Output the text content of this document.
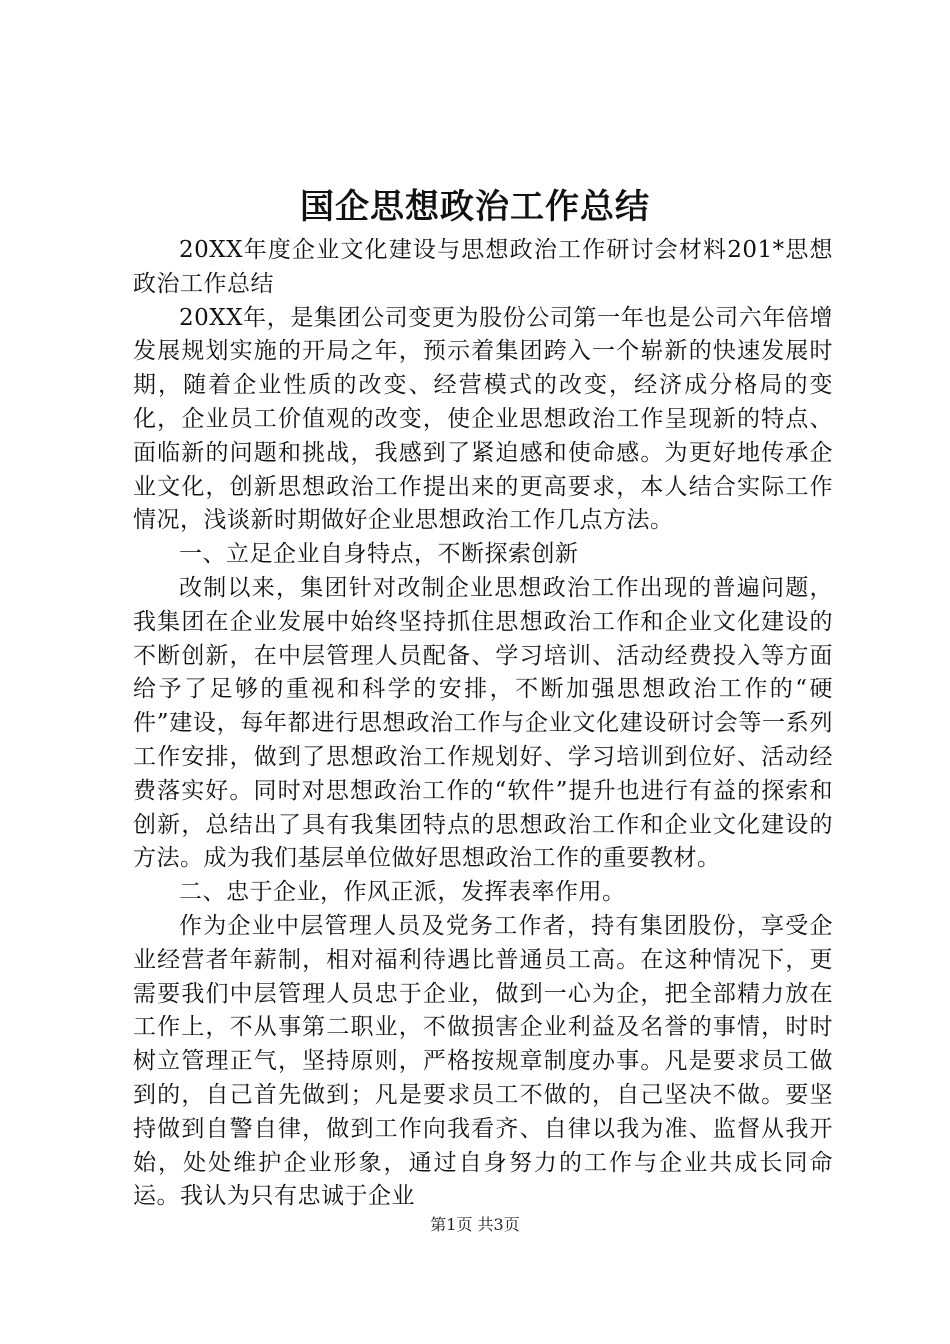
国企思想政治工作总结

20XX年度企业文化建设与思想政治工作研讨会材料201*思想政治工作总结

20XX年，是集团公司变更为股份公司第一年也是公司六年倍增发展规划实施的开局之年，预示着集团跨入一个崭新的快速发展时期，随着企业性质的改变、经营模式的改变，经济成分格局的变化，企业员工价值观的改变，使企业思想政治工作呈现新的特点、面临新的问题和挑战，我感到了紧迫感和使命感。为更好地传承企业文化，创新思想政治工作提出来的更高要求，本人结合实际工作情况，浅谈新时期做好企业思想政治工作几点方法。

一、立足企业自身特点，不断探索创新

改制以来，集团针对改制企业思想政治工作出现的普遍问题，我集团在企业发展中始终坚持抓住思想政治工作和企业文化建设的不断创新，在中层管理人员配备、学习培训、活动经费投入等方面给予了足够的重视和科学的安排，不断加强思想政治工作的“硬件”建设，每年都进行思想政治工作与企业文化建设研讨会等一系列工作安排，做到了思想政治工作规划好、学习培训到位好、活动经费落实好。同时对思想政治工作的“软件”提升也进行有益的探索和创新，总结出了具有我集团特点的思想政治工作和企业文化建设的方法。成为我们基层单位做好思想政治工作的重要教材。

二、忠于企业，作风正派，发挥表率作用。

作为企业中层管理人员及党务工作者，持有集团股份，享受企业经营者年薪制，相对福利待遇比普通员工高。在这种情况下，更需要我们中层管理人员忠于企业，做到一心为企，把全部精力放在工作上，不从事第二职业，不做损害企业利益及名誉的事情，时时树立管理正气，坚持原则，严格按规章制度办事。凡是要求员工做到的，自己首先做到；凡是要求员工不做的，自己坚决不做。要坚持做到自警自律，做到工作向我看齐、自律以我为准、监督从我开始，处处维护企业形象，通过自身努力的工作与企业共成长同命运。我认为只有忠诚于企业

第1页 共3页
